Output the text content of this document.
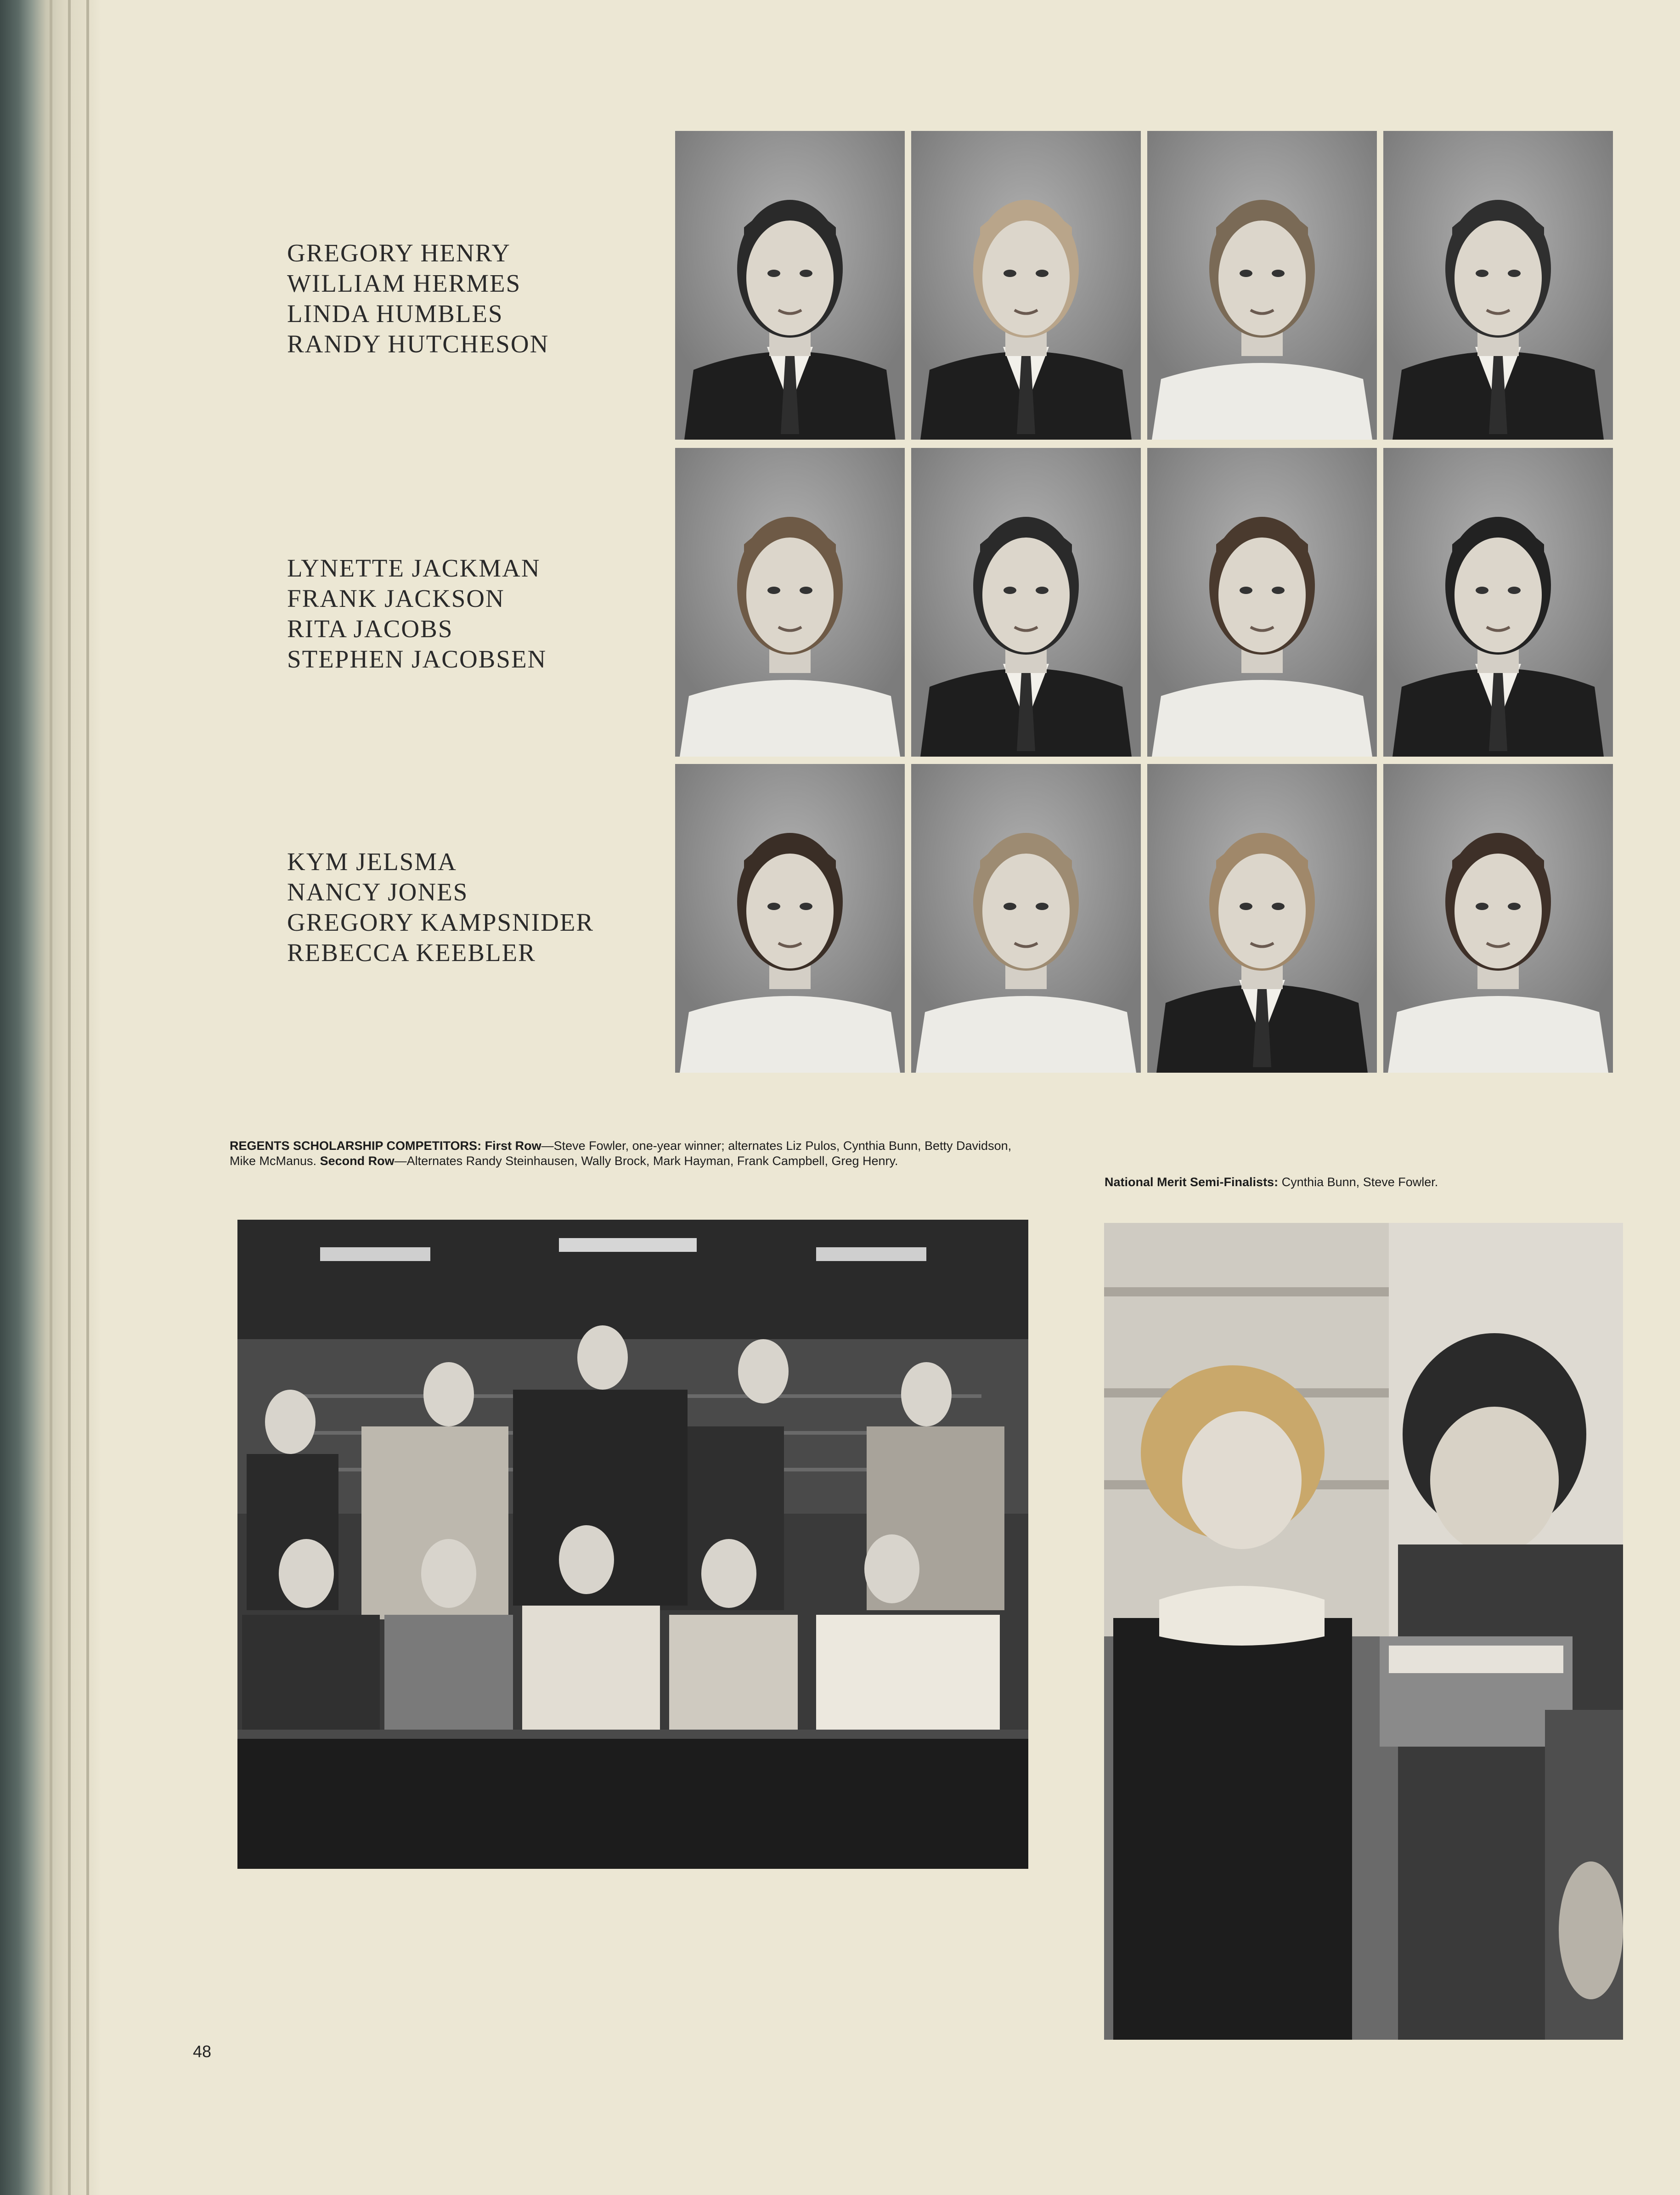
GREGORY HENRY
WILLIAM HERMES
LINDA HUMBLES
RANDY HUTCHESON
LYNETTE JACKMAN
FRANK JACKSON
RITA JACOBS
STEPHEN JACOBSEN
KYM JELSMA
NANCY JONES
GREGORY KAMPSNIDER
REBECCA KEEBLER
REGENTS SCHOLARSHIP COMPETITORS: First Row—Steve Fowler, one-year winner; alternates Liz Pulos, Cynthia Bunn, Betty Davidson, Mike McManus. Second Row—Alternates Randy Steinhausen, Wally Brock, Mark Hayman, Frank Campbell, Greg Henry.
National Merit Semi-Finalists: Cynthia Bunn, Steve Fowler.
48
